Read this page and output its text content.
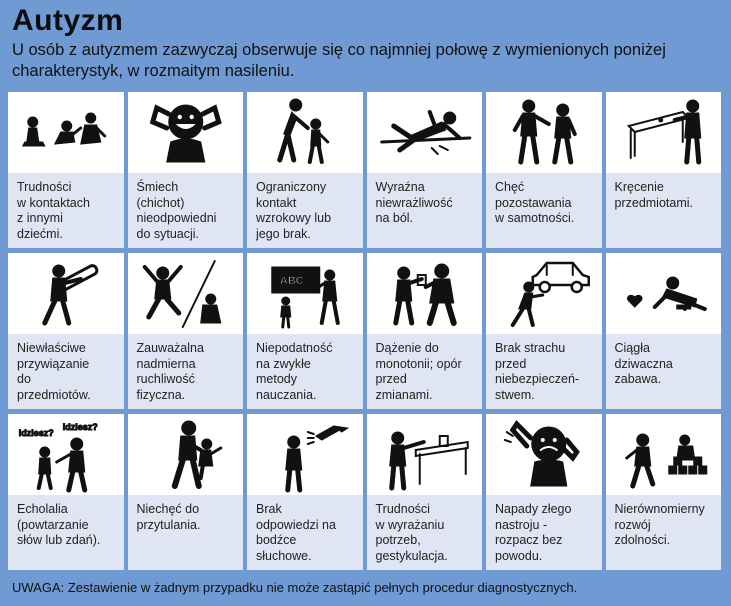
Autyzm
U osób z autyzmem zazwyczaj obserwuje się co najmniej połowę z wymienionych poniżej charakterystyk, w rozmaitym nasileniu.
Trudności
w kontaktach
z innymi
dziećmi.
Śmiech
(chichot)
nieodpowiedni
do sytuacji.
Ograniczony
kontakt
wzrokowy lub
jego brak.
Wyraźna
niewrażliwość
na ból.
Chęć
pozostawania
w samotności.
Kręcenie
przedmiotami.
Niewłaściwe
przywiązanie
do
przedmiotów.
Zauważalna
nadmierna
ruchliwość
fizyczna.
ABC
Niepodatność
na zwykłe
metody
nauczania.
Dążenie do
monotonii; opór
przed
zmianami.
Brak strachu
przed
niebezpieczeń-
stwem.
Ciągła
dziwaczna
zabawa.
idziesz?
idziesz?
Echolalia
(powtarzanie
słów lub zdań).
Niechęć do
przytulania.
Brak
odpowiedzi na
bodźce
słuchowe.
Trudności
w wyrażaniu
potrzeb,
gestykulacja.
Napady złego
nastroju -
rozpacz bez
powodu.
Nierównomierny
rozwój
zdolności.
UWAGA: Zestawienie w żadnym przypadku nie może zastąpić pełnych procedur diagnostycznych.
